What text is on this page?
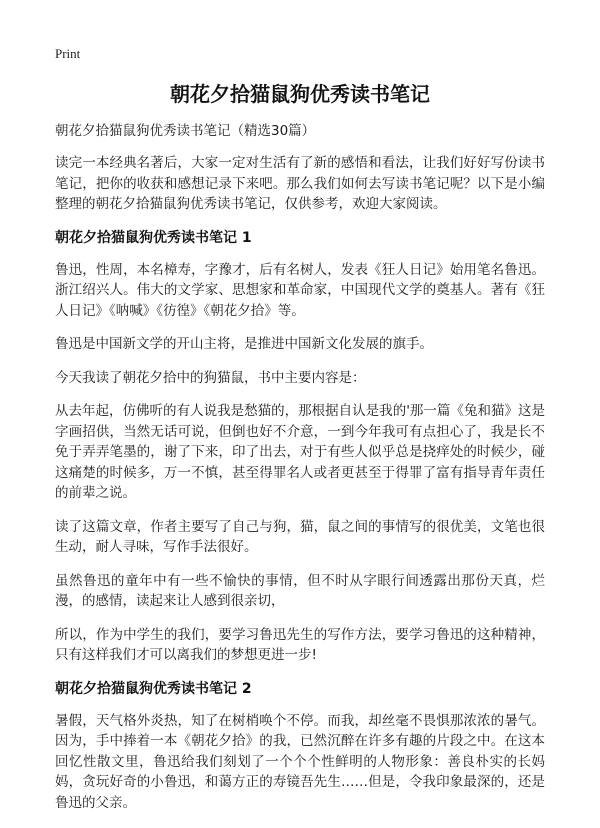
Print
朝花夕拾猫鼠狗优秀读书笔记

朝花夕拾猫鼠狗优秀读书笔记（精选30篇）

读完一本经典名著后，大家一定对生活有了新的感悟和看法，让我们好好写份读书笔记，把你的收获和感想记录下来吧。那么我们如何去写读书笔记呢？以下是小编整理的朝花夕拾猫鼠狗优秀读书笔记，仅供参考，欢迎大家阅读。

朝花夕拾猫鼠狗优秀读书笔记 1

鲁迅，性周，本名樟寿，字豫才，后有名树人，发表《狂人日记》始用笔名鲁迅。浙江绍兴人。伟大的文学家、思想家和革命家，中国现代文学的奠基人。著有《狂人日记》《呐喊》《彷徨》《朝花夕拾》等。

鲁迅是中国新文学的开山主将，是推进中国新文化发展的旗手。

今天我读了朝花夕拾中的狗猫鼠，书中主要内容是：

从去年起，仿佛听的有人说我是愁猫的，那根据自认是我的'那一篇《兔和猫》这是字画招供，当然无话可说，但倒也好不介意，一到今年我可有点担心了，我是长不免于弄弄笔墨的，谢了下来，印了出去，对于有些人似乎总是挠痒处的时候少，碰这痛楚的时候多，万一不慎，甚至得罪名人或者更甚至于得罪了富有指导青年责任的前辈之说。

读了这篇文章，作者主要写了自己与狗，猫，鼠之间的事情写的很优美，文笔也很生动，耐人寻味，写作手法很好。

虽然鲁迅的童年中有一些不愉快的事情，但不时从字眼行间透露出那份天真，烂漫，的感情，读起来让人感到很亲切，

所以，作为中学生的我们，要学习鲁迅先生的写作方法，要学习鲁迅的这种精神，只有这样我们才可以离我们的梦想更进一步!

朝花夕拾猫鼠狗优秀读书笔记 2

暑假，天气格外炎热，知了在树梢唤个不停。而我，却丝毫不畏惧那浓浓的暑气。因为，手中捧着一本《朝花夕拾》的我，已然沉醉在许多有趣的片段之中。在这本回忆性散文里，鲁迅给我们刻划了一个个个性鲜明的人物形象：善良朴实的长妈妈，贪玩好奇的小鲁迅，和蔼方正的寿镜吾先生……但是，令我印象最深的，还是鲁迅的父亲。
